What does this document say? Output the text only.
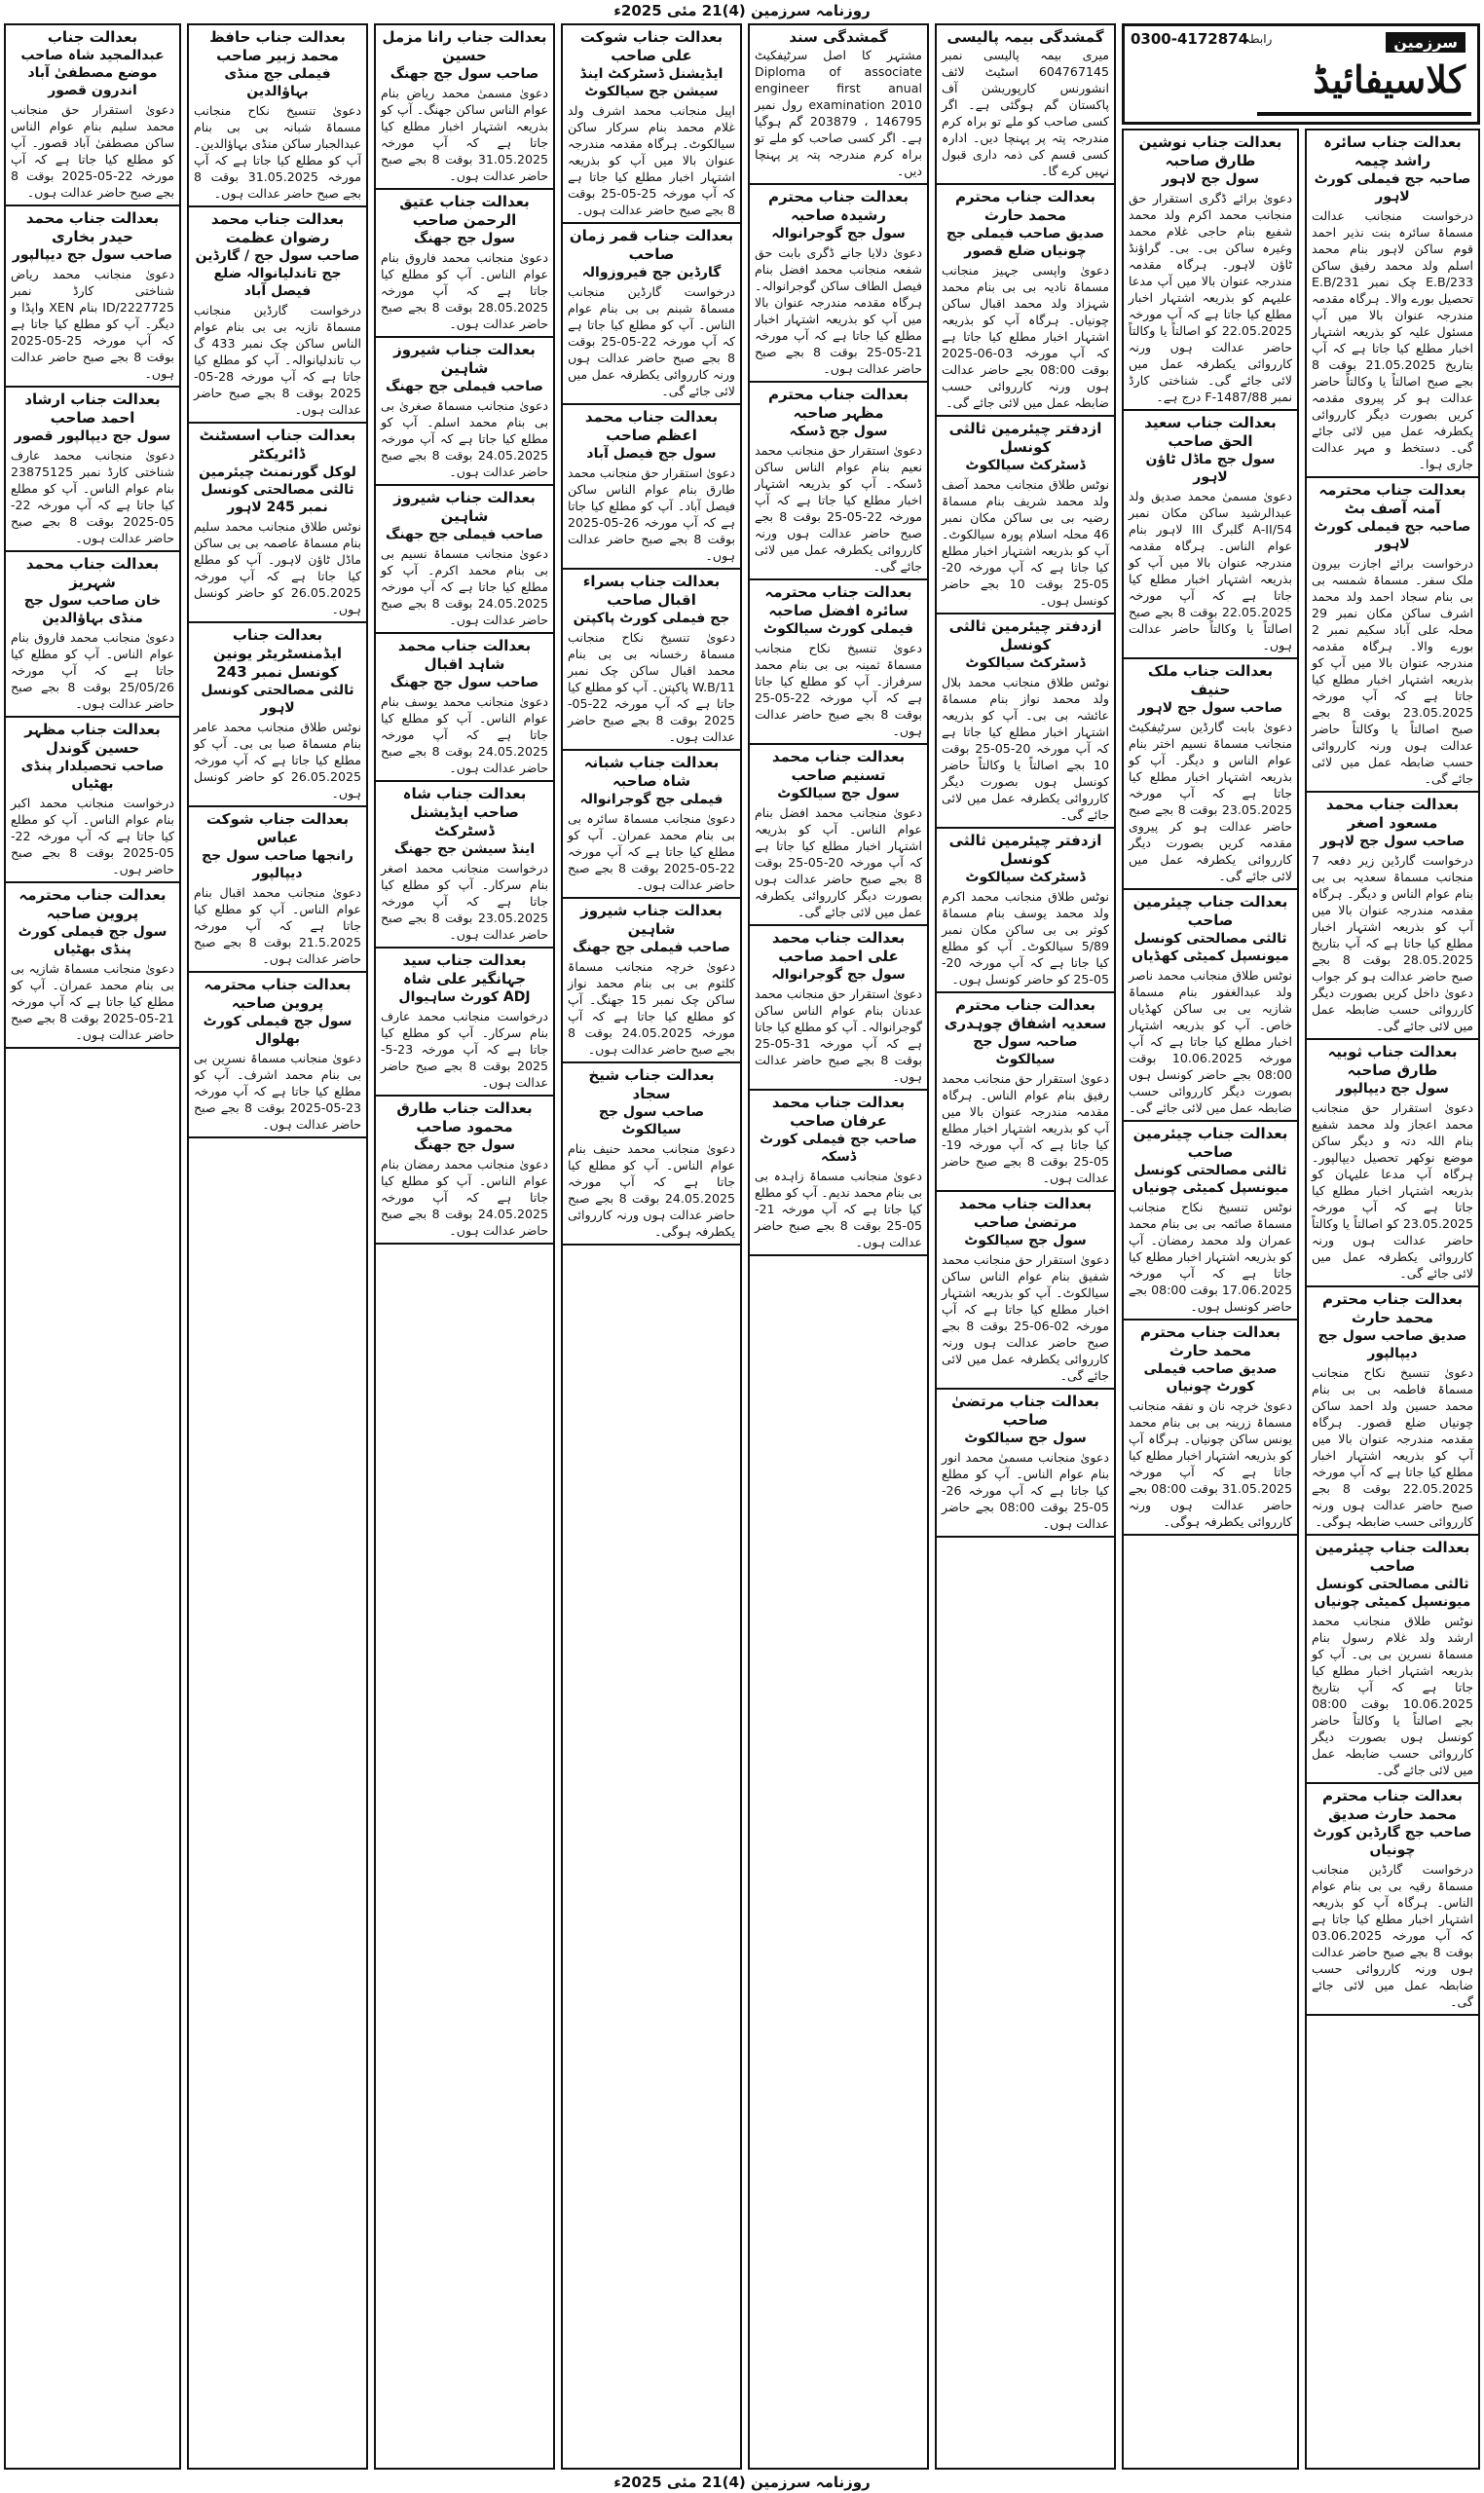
روزنامہ سرزمین (4)21 مئی 2025ء
بعدالت جناب سائرہ راشد چیمہ
صاحبہ جج فیملی کورٹ لاہور
درخواست منجانب عدالت مسماۃ سائرہ بنت نذیر احمد قوم ساکن لاہور بنام محمد اسلم ولد محمد رفیق ساکن 233/E.B چک نمبر 231/E.B تحصیل بورے والا۔ ہرگاہ مقدمہ مندرجہ عنوان بالا میں آپ مسئول علیہ کو بذریعہ اشتہار اخبار مطلع کیا جاتا ہے کہ آپ بتاریخ 21.05.2025 بوقت 8 بجے صبح اصالتاً یا وکالتاً حاضر عدالت ہو کر پیروی مقدمہ کریں بصورت دیگر کارروائی یکطرفہ عمل میں لائی جائے گی۔ دستخط و مہر عدالت جاری ہوا۔
بعدالت جناب محترمہ آمنہ آصف بٹ
صاحبہ جج فیملی کورٹ لاہور
درخواست برائے اجازت بیرون ملک سفر۔ مسماۃ شمسہ بی بی بنام سجاد احمد ولد محمد اشرف ساکن مکان نمبر 29 محلہ علی آباد سکیم نمبر 2 بورے والا۔ ہرگاہ مقدمہ مندرجہ عنوان بالا میں آپ کو بذریعہ اشتہار اخبار مطلع کیا جاتا ہے کہ آپ مورخہ 23.05.2025 بوقت 8 بجے صبح اصالتاً یا وکالتاً حاضر عدالت ہوں ورنہ کارروائی حسب ضابطہ عمل میں لائی جائے گی۔
بعدالت جناب محمد مسعود اصغر
صاحب سول جج لاہور
درخواست گارڈین زیر دفعہ 7 منجانب مسماۃ سعدیہ بی بی بنام عوام الناس و دیگر۔ ہرگاہ مقدمہ مندرجہ عنوان بالا میں آپ کو بذریعہ اشتہار اخبار مطلع کیا جاتا ہے کہ آپ بتاریخ 28.05.2025 بوقت 8 بجے صبح حاضر عدالت ہو کر جواب دعویٰ داخل کریں بصورت دیگر کارروائی حسب ضابطہ عمل میں لائی جائے گی۔
بعدالت جناب ثوبیہ طارق صاحبہ
سول جج دیپالپور
دعویٰ استقرار حق منجانب محمد اعجاز ولد محمد شفیع بنام اللہ دتہ و دیگر ساکن موضع نوکھر تحصیل دیپالپور۔ ہرگاہ آپ مدعا علیہان کو بذریعہ اشتہار اخبار مطلع کیا جاتا ہے کہ آپ مورخہ 23.05.2025 کو اصالتاً یا وکالتاً حاضر عدالت ہوں ورنہ کارروائی یکطرفہ عمل میں لائی جائے گی۔
بعدالت جناب محترم محمد حارث
صدیق صاحب سول جج دیپالپور
دعویٰ تنسیخ نکاح منجانب مسماۃ فاطمہ بی بی بنام محمد حسین ولد احمد ساکن چونیاں ضلع قصور۔ ہرگاہ مقدمہ مندرجہ عنوان بالا میں آپ کو بذریعہ اشتہار اخبار مطلع کیا جاتا ہے کہ آپ مورخہ 22.05.2025 بوقت 8 بجے صبح حاضر عدالت ہوں ورنہ کارروائی حسب ضابطہ ہوگی۔
بعدالت جناب چیئرمین صاحب
ثالثی مصالحتی کونسل میونسپل کمیٹی چونیاں
نوٹس طلاق منجانب محمد ارشد ولد غلام رسول بنام مسماۃ نسرین بی بی۔ آپ کو بذریعہ اشتہار اخبار مطلع کیا جاتا ہے کہ آپ بتاریخ 10.06.2025 بوقت 08:00 بجے اصالتاً یا وکالتاً حاضر کونسل ہوں بصورت دیگر کارروائی حسب ضابطہ عمل میں لائی جائے گی۔
بعدالت جناب محترم محمد حارث صدیق
صاحب جج گارڈین کورٹ چونیاں
درخواست گارڈین منجانب مسماۃ رقیہ بی بی بنام عوام الناس۔ ہرگاہ آپ کو بذریعہ اشتہار اخبار مطلع کیا جاتا ہے کہ آپ مورخہ 03.06.2025 بوقت 8 بجے صبح حاضر عدالت ہوں ورنہ کارروائی حسب ضابطہ عمل میں لائی جائے گی۔
بعدالت جناب نوشین طارق صاحبہ
سول جج لاہور
دعویٰ برائے ڈگری استقرار حق منجانب محمد اکرم ولد محمد شفیع بنام حاجی غلام محمد وغیرہ ساکن بی۔ بی۔ گراؤنڈ ٹاؤن لاہور۔ ہرگاہ مقدمہ مندرجہ عنوان بالا میں آپ مدعا علیہم کو بذریعہ اشتہار اخبار مطلع کیا جاتا ہے کہ آپ مورخہ 22.05.2025 کو اصالتاً یا وکالتاً حاضر عدالت ہوں ورنہ کارروائی یکطرفہ عمل میں لائی جائے گی۔ شناختی کارڈ نمبر F-1487/88 درج ہے۔
بعدالت جناب سعید الحق صاحب
سول جج ماڈل ٹاؤن لاہور
دعویٰ مسمیٰ محمد صدیق ولد عبدالرشید ساکن مکان نمبر 54/A-II گلبرگ III لاہور بنام عوام الناس۔ ہرگاہ مقدمہ مندرجہ عنوان بالا میں آپ کو بذریعہ اشتہار اخبار مطلع کیا جاتا ہے کہ آپ مورخہ 22.05.2025 بوقت 8 بجے صبح اصالتاً یا وکالتاً حاضر عدالت ہوں۔
بعدالت جناب ملک حنیف
صاحب سول جج لاہور
دعویٰ بابت گارڈین سرٹیفکیٹ منجانب مسماۃ نسیم اختر بنام عوام الناس و دیگر۔ آپ کو بذریعہ اشتہار اخبار مطلع کیا جاتا ہے کہ آپ مورخہ 23.05.2025 بوقت 8 بجے صبح حاضر عدالت ہو کر پیروی مقدمہ کریں بصورت دیگر کارروائی یکطرفہ عمل میں لائی جائے گی۔
بعدالت جناب چیئرمین صاحب
ثالثی مصالحتی کونسل میونسپل کمیٹی کھڈیاں
نوٹس طلاق منجانب محمد ناصر ولد عبدالغفور بنام مسماۃ شازیہ بی بی ساکن کھڈیاں خاص۔ آپ کو بذریعہ اشتہار اخبار مطلع کیا جاتا ہے کہ آپ مورخہ 10.06.2025 بوقت 08:00 بجے حاضر کونسل ہوں بصورت دیگر کارروائی حسب ضابطہ عمل میں لائی جائے گی۔
بعدالت جناب چیئرمین صاحب
ثالثی مصالحتی کونسل میونسپل کمیٹی چونیاں
نوٹس تنسیخ نکاح منجانب مسماۃ صائمہ بی بی بنام محمد عمران ولد محمد رمضان۔ آپ کو بذریعہ اشتہار اخبار مطلع کیا جاتا ہے کہ آپ مورخہ 17.06.2025 بوقت 08:00 بجے حاضر کونسل ہوں۔
بعدالت جناب محترم محمد حارث
صدیق صاحب فیملی کورٹ چونیاں
دعویٰ خرچہ نان و نفقہ منجانب مسماۃ زرینہ بی بی بنام محمد یونس ساکن چونیاں۔ ہرگاہ آپ کو بذریعہ اشتہار اخبار مطلع کیا جاتا ہے کہ آپ مورخہ 31.05.2025 بوقت 08:00 بجے حاضر عدالت ہوں ورنہ کارروائی یکطرفہ ہوگی۔
گمشدگی بیمہ پالیسی
میری بیمہ پالیسی نمبر 604767145 اسٹیٹ لائف انشورنس کارپوریشن آف پاکستان گم ہوگئی ہے۔ اگر کسی صاحب کو ملے تو براہ کرم مندرجہ پتہ پر پہنچا دیں۔ ادارہ کسی قسم کی ذمہ داری قبول نہیں کرے گا۔
بعدالت جناب محترم محمد حارث
صدیق صاحب فیملی جج چونیاں ضلع قصور
دعویٰ واپسی جہیز منجانب مسماۃ نادیہ بی بی بنام محمد شہزاد ولد محمد اقبال ساکن چونیاں۔ ہرگاہ آپ کو بذریعہ اشتہار اخبار مطلع کیا جاتا ہے کہ آپ مورخہ 03-06-2025 بوقت 08:00 بجے حاضر عدالت ہوں ورنہ کارروائی حسب ضابطہ عمل میں لائی جائے گی۔
ازدفتر چیئرمین ثالثی کونسل
ڈسٹرکٹ سیالکوٹ
نوٹس طلاق منجانب محمد آصف ولد محمد شریف بنام مسماۃ رضیہ بی بی ساکن مکان نمبر 46 محلہ اسلام پورہ سیالکوٹ۔ آپ کو بذریعہ اشتہار اخبار مطلع کیا جاتا ہے کہ آپ مورخہ 20-05-25 بوقت 10 بجے حاضر کونسل ہوں۔
ازدفتر چیئرمین ثالثی کونسل
ڈسٹرکٹ سیالکوٹ
نوٹس طلاق منجانب محمد بلال ولد محمد نواز بنام مسماۃ عائشہ بی بی۔ آپ کو بذریعہ اشتہار اخبار مطلع کیا جاتا ہے کہ آپ مورخہ 20-05-25 بوقت 10 بجے اصالتاً یا وکالتاً حاضر کونسل ہوں بصورت دیگر کارروائی یکطرفہ عمل میں لائی جائے گی۔
ازدفتر چیئرمین ثالثی کونسل
ڈسٹرکٹ سیالکوٹ
نوٹس طلاق منجانب محمد اکرم ولد محمد یوسف بنام مسماۃ کوثر بی بی ساکن مکان نمبر 5/89 سیالکوٹ۔ آپ کو مطلع کیا جاتا ہے کہ آپ مورخہ 20-05-25 کو حاضر کونسل ہوں۔
بعدالت جناب محترم سعدیہ اشفاق چوہدری
صاحبہ سول جج سیالکوٹ
دعویٰ استقرار حق منجانب محمد رفیق بنام عوام الناس۔ ہرگاہ مقدمہ مندرجہ عنوان بالا میں آپ کو بذریعہ اشتہار اخبار مطلع کیا جاتا ہے کہ آپ مورخہ 19-05-25 بوقت 8 بجے صبح حاضر عدالت ہوں۔
بعدالت جناب محمد مرتضیٰ صاحب
سول جج سیالکوٹ
دعویٰ استقرار حق منجانب محمد شفیق بنام عوام الناس ساکن سیالکوٹ۔ آپ کو بذریعہ اشتہار اخبار مطلع کیا جاتا ہے کہ آپ مورخہ 02-06-25 بوقت 8 بجے صبح حاضر عدالت ہوں ورنہ کارروائی یکطرفہ عمل میں لائی جائے گی۔
بعدالت جناب مرتضیٰ صاحب
سول جج سیالکوٹ
دعویٰ منجانب مسمیٰ محمد انور بنام عوام الناس۔ آپ کو مطلع کیا جاتا ہے کہ آپ مورخہ 26-05-25 بوقت 08:00 بجے حاضر عدالت ہوں۔
گمشدگی سند
مشتہر کا اصل سرٹیفکیٹ Diploma of associate engineer first anual examination 2010 رول نمبر 146795 ، 203879 گم ہوگیا ہے۔ اگر کسی صاحب کو ملے تو براہ کرم مندرجہ پتہ پر پہنچا دیں۔
بعدالت جناب محترم رشیدہ صاحبہ
سول جج گوجرانوالہ
دعویٰ دلایا جانے ڈگری بابت حق شفعہ منجانب محمد افضل بنام فیصل الطاف ساکن گوجرانوالہ۔ ہرگاہ مقدمہ مندرجہ عنوان بالا میں آپ کو بذریعہ اشتہار اخبار مطلع کیا جاتا ہے کہ آپ مورخہ 21-05-25 بوقت 8 بجے صبح حاضر عدالت ہوں۔
بعدالت جناب محترم مظہر صاحبہ
سول جج ڈسکہ
دعویٰ استقرار حق منجانب محمد نعیم بنام عوام الناس ساکن ڈسکہ۔ آپ کو بذریعہ اشتہار اخبار مطلع کیا جاتا ہے کہ آپ مورخہ 22-05-25 بوقت 8 بجے صبح حاضر عدالت ہوں ورنہ کارروائی یکطرفہ عمل میں لائی جائے گی۔
بعدالت جناب محترمہ سائرہ افضل صاحبہ
فیملی کورٹ سیالکوٹ
دعویٰ تنسیخ نکاح منجانب مسماۃ ثمینہ بی بی بنام محمد سرفراز۔ آپ کو مطلع کیا جاتا ہے کہ آپ مورخہ 22-05-25 بوقت 8 بجے صبح حاضر عدالت ہوں۔
بعدالت جناب محمد تسنیم صاحب
سول جج سیالکوٹ
دعویٰ منجانب محمد افضل بنام عوام الناس۔ آپ کو بذریعہ اشتہار اخبار مطلع کیا جاتا ہے کہ آپ مورخہ 20-05-25 بوقت 8 بجے صبح حاضر عدالت ہوں بصورت دیگر کارروائی یکطرفہ عمل میں لائی جائے گی۔
بعدالت جناب محمد علی احمد صاحب
سول جج گوجرانوالہ
دعویٰ استقرار حق منجانب محمد عدنان بنام عوام الناس ساکن گوجرانوالہ۔ آپ کو مطلع کیا جاتا ہے کہ آپ مورخہ 31-05-25 بوقت 8 بجے صبح حاضر عدالت ہوں۔
بعدالت جناب محمد عرفان صاحب
صاحب جج فیملی کورٹ ڈسکہ
دعویٰ منجانب مسماۃ زاہدہ بی بی بنام محمد ندیم۔ آپ کو مطلع کیا جاتا ہے کہ آپ مورخہ 21-05-25 بوقت 8 بجے صبح حاضر عدالت ہوں۔
بعدالت جناب شوکت علی صاحب
ایڈیشنل ڈسٹرکٹ اینڈ سیشن جج سیالکوٹ
اپیل منجانب محمد اشرف ولد غلام محمد بنام سرکار ساکن سیالکوٹ۔ ہرگاہ مقدمہ مندرجہ عنوان بالا میں آپ کو بذریعہ اشتہار اخبار مطلع کیا جاتا ہے کہ آپ مورخہ 25-05-25 بوقت 8 بجے صبح حاضر عدالت ہوں۔
بعدالت جناب قمر زمان صاحب
گارڈین جج فیروزوالہ
درخواست گارڈین منجانب مسماۃ شبنم بی بی بنام عوام الناس۔ آپ کو مطلع کیا جاتا ہے کہ آپ مورخہ 22-05-25 بوقت 8 بجے صبح حاضر عدالت ہوں ورنہ کارروائی یکطرفہ عمل میں لائی جائے گی۔
بعدالت جناب محمد اعظم صاحب
سول جج فیصل آباد
دعویٰ استقرار حق منجانب محمد طارق بنام عوام الناس ساکن فیصل آباد۔ آپ کو مطلع کیا جاتا ہے کہ آپ مورخہ 26-05-2025 بوقت 8 بجے صبح حاضر عدالت ہوں۔
بعدالت جناب بسراء اقبال صاحب
جج فیملی کورٹ پاکپتن
دعویٰ تنسیخ نکاح منجانب مسماۃ رخسانہ بی بی بنام محمد اقبال ساکن چک نمبر W.B/11 پاکپتن۔ آپ کو مطلع کیا جاتا ہے کہ آپ مورخہ 22-05-2025 بوقت 8 بجے صبح حاضر عدالت ہوں۔
بعدالت جناب شبانہ شاہ صاحبہ
فیملی جج گوجرانوالہ
دعویٰ منجانب مسماۃ سائرہ بی بی بنام محمد عمران۔ آپ کو مطلع کیا جاتا ہے کہ آپ مورخہ 22-05-2025 بوقت 8 بجے صبح حاضر عدالت ہوں۔
بعدالت جناب شیروز شاہین
صاحب فیملی جج جھنگ
دعویٰ خرچہ منجانب مسماۃ کلثوم بی بی بنام محمد نواز ساکن چک نمبر 15 جھنگ۔ آپ کو مطلع کیا جاتا ہے کہ آپ مورخہ 24.05.2025 بوقت 8 بجے صبح حاضر عدالت ہوں۔
بعدالت جناب شیخ سجاد
صاحب سول جج سیالکوٹ
دعویٰ منجانب محمد حنیف بنام عوام الناس۔ آپ کو مطلع کیا جاتا ہے کہ آپ مورخہ 24.05.2025 بوقت 8 بجے صبح حاضر عدالت ہوں ورنہ کارروائی یکطرفہ ہوگی۔
بعدالت جناب رانا مزمل حسین
صاحب سول جج جھنگ
دعویٰ مسمیٰ محمد ریاض بنام عوام الناس ساکن جھنگ۔ آپ کو بذریعہ اشتہار اخبار مطلع کیا جاتا ہے کہ آپ مورخہ 31.05.2025 بوقت 8 بجے صبح حاضر عدالت ہوں۔
بعدالت جناب عتیق الرحمن صاحب
سول جج جھنگ
دعویٰ منجانب محمد فاروق بنام عوام الناس۔ آپ کو مطلع کیا جاتا ہے کہ آپ مورخہ 28.05.2025 بوقت 8 بجے صبح حاضر عدالت ہوں۔
بعدالت جناب شیروز شاہین
صاحب فیملی جج جھنگ
دعویٰ منجانب مسماۃ صغریٰ بی بی بنام محمد اسلم۔ آپ کو مطلع کیا جاتا ہے کہ آپ مورخہ 24.05.2025 بوقت 8 بجے صبح حاضر عدالت ہوں۔
بعدالت جناب شیروز شاہین
صاحب فیملی جج جھنگ
دعویٰ منجانب مسماۃ نسیم بی بی بنام محمد اکرم۔ آپ کو مطلع کیا جاتا ہے کہ آپ مورخہ 24.05.2025 بوقت 8 بجے صبح حاضر عدالت ہوں۔
بعدالت جناب محمد شاہد اقبال
صاحب سول جج جھنگ
دعویٰ منجانب محمد یوسف بنام عوام الناس۔ آپ کو مطلع کیا جاتا ہے کہ آپ مورخہ 24.05.2025 بوقت 8 بجے صبح حاضر عدالت ہوں۔
بعدالت جناب شاہ صاحب ایڈیشنل ڈسٹرکٹ
اینڈ سیشن جج جھنگ
درخواست منجانب محمد اصغر بنام سرکار۔ آپ کو مطلع کیا جاتا ہے کہ آپ مورخہ 23.05.2025 بوقت 8 بجے صبح حاضر عدالت ہوں۔
بعدالت جناب سید جہانگیر علی شاہ
ADJ کورٹ ساہیوال
درخواست منجانب محمد عارف بنام سرکار۔ آپ کو مطلع کیا جاتا ہے کہ آپ مورخہ 23-5-2025 بوقت 8 بجے صبح حاضر عدالت ہوں۔
بعدالت جناب طارق محمود صاحب
سول جج جھنگ
دعویٰ منجانب محمد رمضان بنام عوام الناس۔ آپ کو مطلع کیا جاتا ہے کہ آپ مورخہ 24.05.2025 بوقت 8 بجے صبح حاضر عدالت ہوں۔
بعدالت جناب حافظ محمد زبیر صاحب
فیملی جج منڈی بہاؤالدین
دعویٰ تنسیخ نکاح منجانب مسماۃ شبانہ بی بی بنام عبدالجبار ساکن منڈی بہاؤالدین۔ آپ کو مطلع کیا جاتا ہے کہ آپ مورخہ 31.05.2025 بوقت 8 بجے صبح حاضر عدالت ہوں۔
بعدالت جناب محمد رضوان عظمت
صاحب سول جج / گارڈین جج تاندلیانوالہ ضلع فیصل آباد
درخواست گارڈین منجانب مسماۃ نازیہ بی بی بنام عوام الناس ساکن چک نمبر 433 گ ب تاندلیانوالہ۔ آپ کو مطلع کیا جاتا ہے کہ آپ مورخہ 28-05-2025 بوقت 8 بجے صبح حاضر عدالت ہوں۔
بعدالت جناب اسسٹنٹ ڈائریکٹر
لوکل گورنمنٹ چیئرمین ثالثی مصالحتی کونسل نمبر 245 لاہور
نوٹس طلاق منجانب محمد سلیم بنام مسماۃ عاصمہ بی بی ساکن ماڈل ٹاؤن لاہور۔ آپ کو مطلع کیا جاتا ہے کہ آپ مورخہ 26.05.2025 کو حاضر کونسل ہوں۔
بعدالت جناب ایڈمنسٹریٹر یونین کونسل نمبر 243
ثالثی مصالحتی کونسل لاہور
نوٹس طلاق منجانب محمد عامر بنام مسماۃ صبا بی بی۔ آپ کو مطلع کیا جاتا ہے کہ آپ مورخہ 26.05.2025 کو حاضر کونسل ہوں۔
بعدالت جناب شوکت عباس
رانجھا صاحب سول جج دیپالپور
دعویٰ منجانب محمد اقبال بنام عوام الناس۔ آپ کو مطلع کیا جاتا ہے کہ آپ مورخہ 21.5.2025 بوقت 8 بجے صبح حاضر عدالت ہوں۔
بعدالت جناب محترمہ پروین صاحبہ
سول جج فیملی کورٹ بھلوال
دعویٰ منجانب مسماۃ نسرین بی بی بنام محمد اشرف۔ آپ کو مطلع کیا جاتا ہے کہ آپ مورخہ 23-05-2025 بوقت 8 بجے صبح حاضر عدالت ہوں۔
بعدالت جناب
عبدالمجید شاہ صاحب موضع مصطفیٰ آباد اندرون قصور
دعویٰ استقرار حق منجانب محمد سلیم بنام عوام الناس ساکن مصطفیٰ آباد قصور۔ آپ کو مطلع کیا جاتا ہے کہ آپ مورخہ 22-05-2025 بوقت 8 بجے صبح حاضر عدالت ہوں۔
بعدالت جناب محمد حیدر بخاری
صاحب سول جج دیپالپور
دعویٰ منجانب محمد ریاض شناختی کارڈ نمبر 2227725/ID بنام XEN واپڈا و دیگر۔ آپ کو مطلع کیا جاتا ہے کہ آپ مورخہ 25-05-2025 بوقت 8 بجے صبح حاضر عدالت ہوں۔
بعدالت جناب ارشاد احمد صاحب
سول جج دیپالپور قصور
دعویٰ منجانب محمد عارف شناختی کارڈ نمبر 23875125 بنام عوام الناس۔ آپ کو مطلع کیا جاتا ہے کہ آپ مورخہ 22-05-2025 بوقت 8 بجے صبح حاضر عدالت ہوں۔
بعدالت جناب محمد شہریز
خان صاحب سول جج منڈی بہاؤالدین
دعویٰ منجانب محمد فاروق بنام عوام الناس۔ آپ کو مطلع کیا جاتا ہے کہ آپ مورخہ 25/05/26 بوقت 8 بجے صبح حاضر عدالت ہوں۔
بعدالت جناب مظہر حسین گوندل
صاحب تحصیلدار پنڈی بھٹیاں
درخواست منجانب محمد اکبر بنام عوام الناس۔ آپ کو مطلع کیا جاتا ہے کہ آپ مورخہ 22-05-2025 بوقت 8 بجے صبح حاضر ہوں۔
بعدالت جناب محترمہ پروین صاحبہ
سول جج فیملی کورٹ پنڈی بھٹیاں
دعویٰ منجانب مسماۃ شازیہ بی بی بنام محمد عمران۔ آپ کو مطلع کیا جاتا ہے کہ آپ مورخہ 21-05-2025 بوقت 8 بجے صبح حاضر عدالت ہوں۔
سرزمین
کلاسیفائیڈ
0300-4172874
رابطہ
روزنامہ سرزمین (4)21 مئی 2025ء
